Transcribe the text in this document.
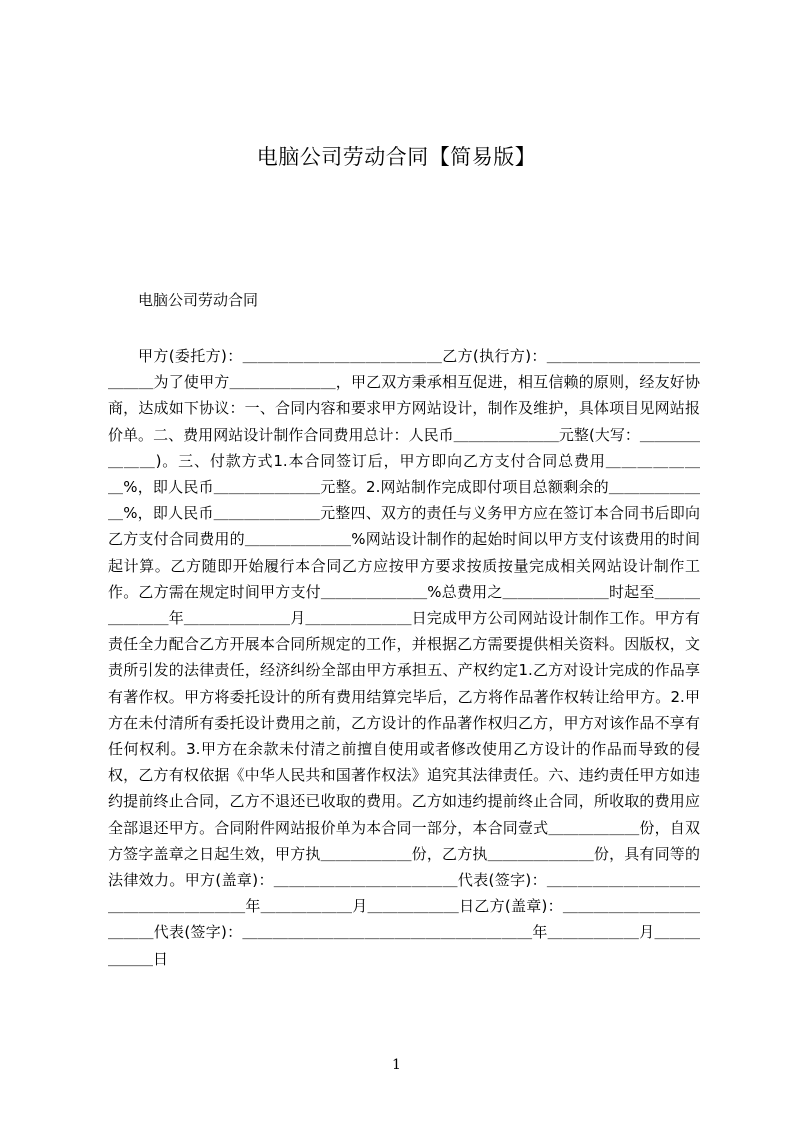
电脑公司劳动合同【简易版】

电脑公司劳动合同

甲方(委托方)：＿＿＿＿＿＿＿＿＿＿＿＿＿乙方(执行方)：＿＿＿＿＿＿＿＿＿＿＿＿＿为了使甲方＿＿＿＿＿＿＿，甲乙双方秉承相互促进，相互信赖的原则，经友好协商，达成如下协议：一、合同内容和要求甲方网站设计，制作及维护，具体项目见网站报价单。二、费用网站设计制作合同费用总计：人民币＿＿＿＿＿＿＿元整(大写：＿＿＿＿＿＿＿)。三、付款方式1.本合同签订后，甲方即向乙方支付合同总费用＿＿＿＿＿＿＿%，即人民币＿＿＿＿＿＿＿元整。2.网站制作完成即付项目总额剩余的＿＿＿＿＿＿＿%，即人民币＿＿＿＿＿＿＿元整四、双方的责任与义务甲方应在签订本合同书后即向乙方支付合同费用的＿＿＿＿＿＿＿%网站设计制作的起始时间以甲方支付该费用的时间起计算。乙方随即开始履行本合同乙方应按甲方要求按质按量完成相关网站设计制作工作。乙方需在规定时间甲方支付＿＿＿＿＿＿＿%总费用之＿＿＿＿＿＿＿时起至＿＿＿＿＿＿＿年＿＿＿＿＿＿＿月＿＿＿＿＿＿＿日完成甲方公司网站设计制作工作。甲方有责任全力配合乙方开展本合同所规定的工作，并根据乙方需要提供相关资料。因版权，文责所引发的法律责任，经济纠纷全部由甲方承担五、产权约定1.乙方对设计完成的作品享有著作权。甲方将委托设计的所有费用结算完毕后，乙方将作品著作权转让给甲方。2.甲方在未付清所有委托设计费用之前，乙方设计的作品著作权归乙方，甲方对该作品不享有任何权利。3.甲方在余款未付清之前擅自使用或者修改使用乙方设计的作品而导致的侵权，乙方有权依据《中华人民共和国著作权法》追究其法律责任。六、违约责任甲方如违约提前终止合同，乙方不退还已收取的费用。乙方如违约提前终止合同，所收取的费用应全部退还甲方。合同附件网站报价单为本合同一部分，本合同壹式＿＿＿＿＿＿份，自双方签字盖章之日起生效，甲方执＿＿＿＿＿＿份，乙方执＿＿＿＿＿＿＿份，具有同等的法律效力。甲方(盖章)：＿＿＿＿＿＿＿＿＿＿＿＿代表(签字)：＿＿＿＿＿＿＿＿＿＿＿＿＿＿＿＿＿＿＿年＿＿＿＿＿＿月＿＿＿＿＿＿日乙方(盖章)：＿＿＿＿＿＿＿＿＿＿＿＿代表(签字)：＿＿＿＿＿＿＿＿＿＿＿＿＿＿＿＿＿＿＿年＿＿＿＿＿＿月＿＿＿＿＿＿日

1
